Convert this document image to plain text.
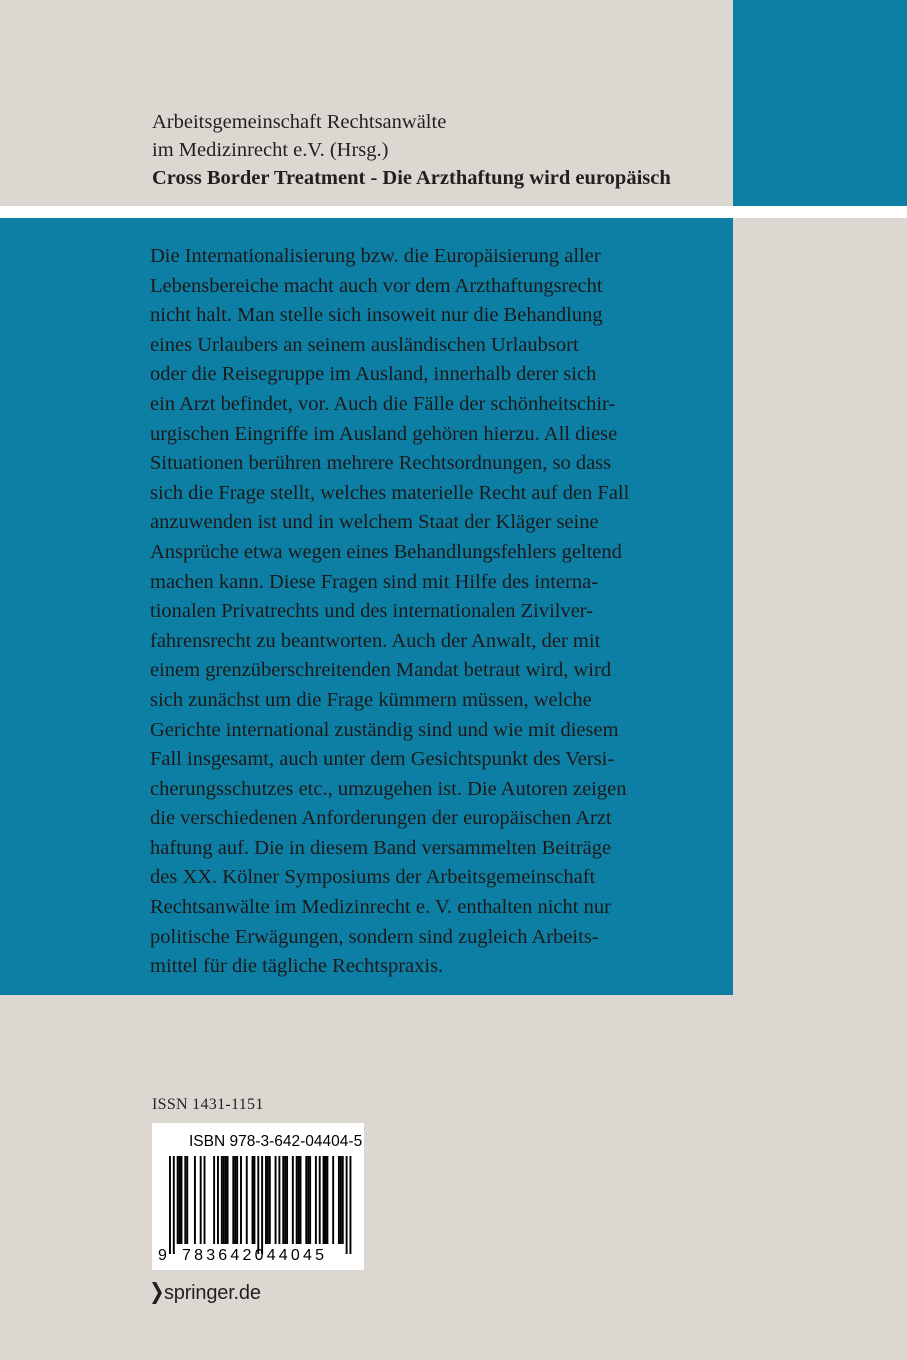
Arbeitsgemeinschaft Rechtsanwälte
im Medizinrecht e.V. (Hrsg.)
Cross Border Treatment - Die Arzthaftung wird europäisch
Die Internationalisierung bzw. die Europäisierung aller
Lebensbereiche macht auch vor dem Arzthaftungsrecht
nicht halt. Man stelle sich insoweit nur die Behandlung
eines Urlaubers an seinem ausländischen Urlaubsort
oder die Reisegruppe im Ausland, innerhalb derer sich
ein Arzt befindet, vor. Auch die Fälle der schönheitschir-
urgischen Eingriffe im Ausland gehören hierzu. All diese
Situationen berühren mehrere Rechtsordnungen, so dass
sich die Frage stellt, welches materielle Recht auf den Fall
anzuwenden ist und in welchem Staat der Kläger seine
Ansprüche etwa wegen eines Behandlungsfehlers geltend
machen kann. Diese Fragen sind mit Hilfe des interna-
tionalen Privatrechts und des internationalen Zivilver-
fahrensrecht zu beantworten. Auch der Anwalt, der mit
einem grenzüberschreitenden Mandat betraut wird, wird
sich zunächst um die Frage kümmern müssen, welche
Gerichte international zuständig sind und wie mit diesem
Fall insgesamt, auch unter dem Gesichtspunkt des Versi-
cherungsschutzes etc., umzugehen ist. Die Autoren zeigen
die verschiedenen Anforderungen der europäischen Arzt
haftung auf. Die in diesem Band versammelten Beiträge
des XX. Kölner Symposiums der Arbeitsgemeinschaft
Rechtsanwälte im Medizinrecht e. V. enthalten nicht nur
politische Erwägungen, sondern sind zugleich Arbeits-
mittel für die tägliche Rechtspraxis.
ISSN 1431-1151
ISBN 978-3-642-04404-5
9 783642044045
springer.de
